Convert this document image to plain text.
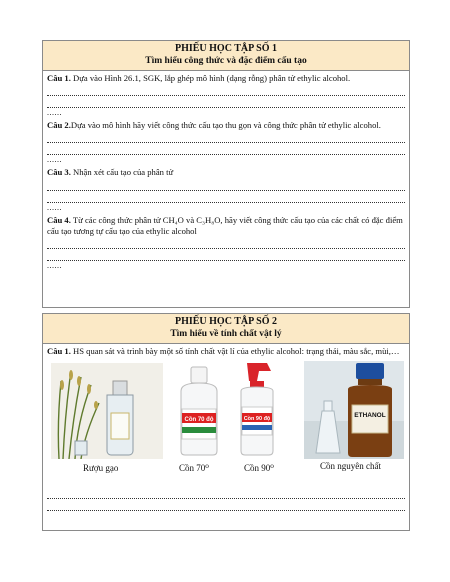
PHIẾU HỌC TẬP SỐ 1
Tìm hiểu công thức và đặc điểm cấu tạo

Câu 1. Dựa vào Hình 26.1, SGK, lắp ghép mô hình (dạng rỗng) phân tử ethylic alcohol.

......

Câu 2.Dựa vào mô hình hãy viết công thức cấu tạo thu gọn và công thức phân tử ethylic alcohol.

......

Câu 3. Nhận xét cấu tạo của phân tử

......

Câu 4. Từ các công thức phân tử CH₄O và C₃H₈O, hãy viết công thức cấu tạo của các chất có đặc điểm cấu tạo tương tự cấu tạo của ethylic alcohol

......
PHIẾU HỌC TẬP SỐ 2
Tìm hiểu về tính chất vật lý

Câu 1. HS quan sát và trình bày một số tính chất vật lí của ethylic alcohol: trạng thái, màu sắc, mùi,…

Cồn 70 độ	Cồn 90 độ	ETHANOL
Rượu gạo	Cồn 70⁰	Cồn 90⁰	Cồn nguyên chất
